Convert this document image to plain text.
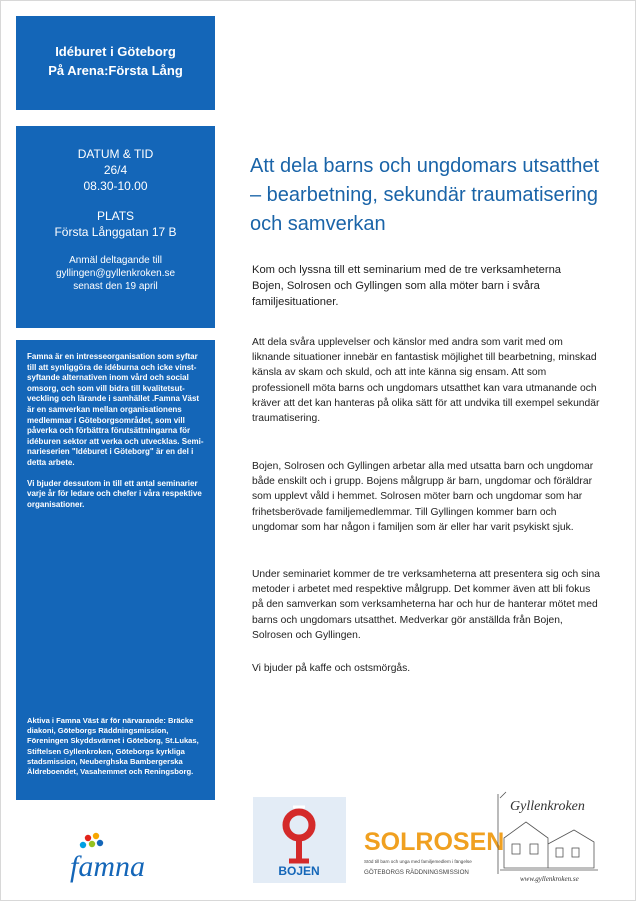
Idéburet i Göteborg
På Arena:Första Lång
DATUM & TID
26/4
08.30-10.00
PLATS
Första Långgatan 17 B
Anmäl deltagande till
gyllingen@gyllenkroken.se
senast den 19 april

Famna är en intresseorganisation som syftar till att synliggöra de idéburna och icke vinst-syftande alternativen inom vård och social omsorg, och som vill bidra till kvalitetsut-veckling och lärande i samhället .Famna Väst är en samverkan mellan organisationens medlemmar i Göteborgsområdet, som vill påverka och förbättra förutsättningarna för idéburen sektor att verka och utvecklas. Semi-narieserien "Idéburet i Göteborg" är en del i detta arbete.

Vi bjuder dessutom in till ett antal seminarier varje år för ledare och chefer i våra respektive organisationer.

Aktiva i Famna Väst är för närvarande: Bräcke diakoni, Göteborgs Räddningsmission, Föreningen Skyddsvärnet i Göteborg, St.Lukas, Stiftelsen Gyllenkroken, Göteborgs kyrkliga stadsmission, Neuberghska Bambergerska Äldreboendet, Vasahemmet och Reningsborg.
famna
Att dela barns och ungdomars utsatthet – bearbetning, sekundär traumatisering och samverkan
Kom och lyssna till ett seminarium med de tre verksamheterna Bojen, Solrosen och Gyllingen som alla möter barn i svåra familjesituationer.
Att dela svåra upplevelser och känslor med andra som varit med om liknande situationer innebär en fantastisk möjlighet till bearbetning, minskad känsla av skam och skuld, och att inte känna sig ensam. Att som professionell möta barns och ungdomars utsatthet kan vara utmanande och kräver att det kan hanteras på olika sätt för att undvika till exempel sekundär traumatisering.
Bojen, Solrosen och Gyllingen arbetar alla med utsatta barn och ungdomar både enskilt och i grupp. Bojens målgrupp är barn, ungdomar och föräldrar som upplevt våld i hemmet. Solrosen möter barn och ungdomar som har frihetsberövade familjemedlemmar. Till Gyllingen kommer barn och ungdomar som har någon i familjen som är eller har varit psykiskt sjuk.
Under seminariet kommer de tre verksamheterna att presentera sig och sina metoder i arbetet med respektive målgrupp. Det kommer även att bli fokus på den samverkan som verksamheterna har och hur de hanterar mötet med barns och ungdomars utsatthet. Medverkar gör anställda från Bojen, Solrosen och Gyllingen.
Vi bjuder på kaffe och ostsmörgås.
BOJEN
SOLROSEN
Stöd till barn och unga med familjemedlem i fängelse
GÖTEBORGS RÄDDNINGSMISSION
Gyllenkroken
www.gyllenkroken.se
